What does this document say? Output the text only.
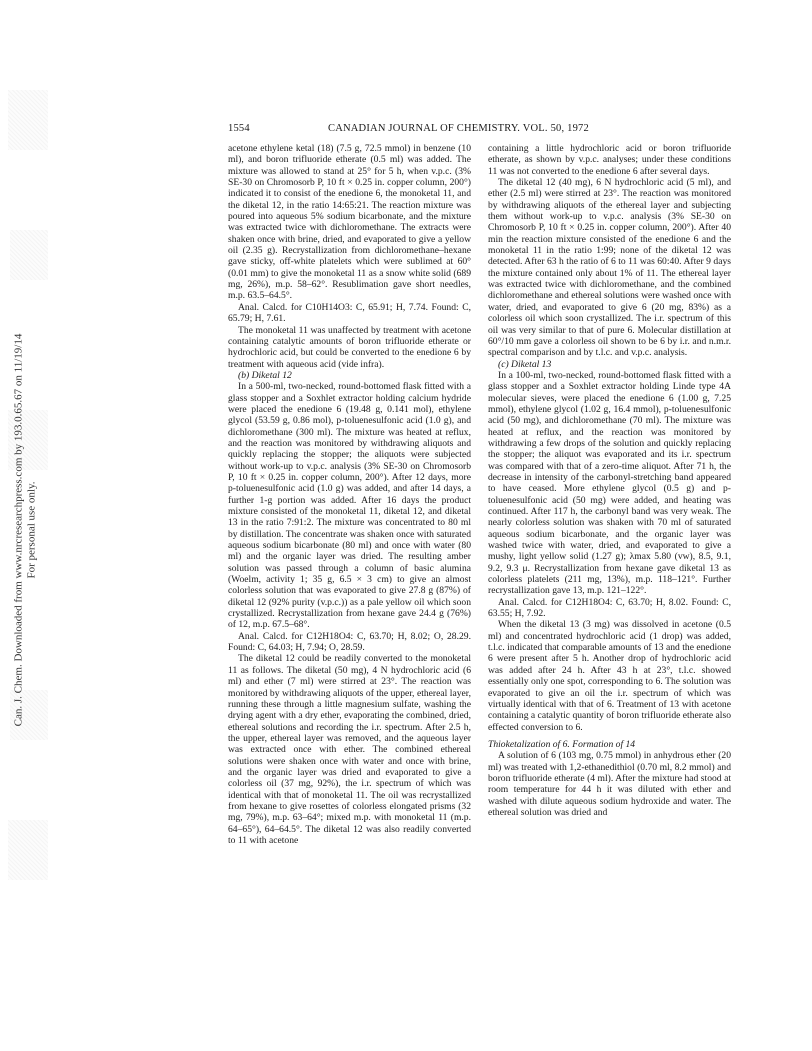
Can. J. Chem. Downloaded from www.nrcresearchpress.com by 193.0.65.67 on 11/19/14 For personal use only.
1554	CANADIAN JOURNAL OF CHEMISTRY. VOL. 50, 1972

acetone ethylene ketal (18) (7.5 g, 72.5 mmol) in benzene (10 ml), and boron trifluoride etherate (0.5 ml) was added. The mixture was allowed to stand at 25° for 5 h, when v.p.c. (3% SE-30 on Chromosorb P, 10 ft × 0.25 in. copper column, 200°) indicated it to consist of the enedione 6, the monoketal 11, and the diketal 12, in the ratio 14:65:21. The reaction mixture was poured into aqueous 5% sodium bicarbonate, and the mixture was extracted twice with dichloromethane. The extracts were shaken once with brine, dried, and evaporated to give a yellow oil (2.35 g). Recrystallization from dichloromethane–hexane gave sticky, off-white platelets which were sublimed at 60° (0.01 mm) to give the monoketal 11 as a snow white solid (689 mg, 26%), m.p. 58–62°. Resublimation gave short needles, m.p. 63.5–64.5°.

Anal. Calcd. for C10H14O3: C, 65.91; H, 7.74. Found: C, 65.79; H, 7.61.

The monoketal 11 was unaffected by treatment with acetone containing catalytic amounts of boron trifluoride etherate or hydrochloric acid, but could be converted to the enedione 6 by treatment with aqueous acid (vide infra).

(b) Diketal 12

In a 500-ml, two-necked, round-bottomed flask fitted with a glass stopper and a Soxhlet extractor holding calcium hydride were placed the enedione 6 (19.48 g, 0.141 mol), ethylene glycol (53.59 g, 0.86 mol), p-toluenesulfonic acid (1.0 g), and dichloromethane (300 ml). The mixture was heated at reflux, and the reaction was monitored by withdrawing aliquots and quickly replacing the stopper; the aliquots were subjected without work-up to v.p.c. analysis (3% SE-30 on Chromosorb P, 10 ft × 0.25 in. copper column, 200°). After 12 days, more p-toluenesulfonic acid (1.0 g) was added, and after 14 days, a further 1-g portion was added. After 16 days the product mixture consisted of the monoketal 11, diketal 12, and diketal 13 in the ratio 7:91:2. The mixture was concentrated to 80 ml by distillation. The concentrate was shaken once with saturated aqueous sodium bicarbonate (80 ml) and once with water (80 ml) and the organic layer was dried. The resulting amber solution was passed through a column of basic alumina (Woelm, activity 1; 35 g, 6.5 × 3 cm) to give an almost colorless solution that was evaporated to give 27.8 g (87%) of diketal 12 (92% purity (v.p.c.)) as a pale yellow oil which soon crystallized. Recrystallization from hexane gave 24.4 g (76%) of 12, m.p. 67.5–68°.

Anal. Calcd. for C12H18O4: C, 63.70; H, 8.02; O, 28.29. Found: C, 64.03; H, 7.94; O, 28.59.

The diketal 12 could be readily converted to the monoketal 11 as follows. The diketal (50 mg), 4 N hydrochloric acid (6 ml) and ether (7 ml) were stirred at 23°. The reaction was monitored by withdrawing aliquots of the upper, ethereal layer, running these through a little magnesium sulfate, washing the drying agent with a dry ether, evaporating the combined, dried, ethereal solutions and recording the i.r. spectrum. After 2.5 h, the upper, ethereal layer was removed, and the aqueous layer was extracted once with ether. The combined ethereal solutions were shaken once with water and once with brine, and the organic layer was dried and evaporated to give a colorless oil (37 mg, 92%), the i.r. spectrum of which was identical with that of monoketal 11. The oil was recrystallized from hexane to give rosettes of colorless elongated prisms (32 mg, 79%), m.p. 63–64°; mixed m.p. with monoketal 11 (m.p. 64–65°), 64–64.5°. The diketal 12 was also readily converted to 11 with acetone

containing a little hydrochloric acid or boron trifluoride etherate, as shown by v.p.c. analyses; under these conditions 11 was not converted to the enedione 6 after several days.

The diketal 12 (40 mg), 6 N hydrochloric acid (5 ml), and ether (2.5 ml) were stirred at 23°. The reaction was monitored by withdrawing aliquots of the ethereal layer and subjecting them without work-up to v.p.c. analysis (3% SE-30 on Chromosorb P, 10 ft × 0.25 in. copper column, 200°). After 40 min the reaction mixture consisted of the enedione 6 and the monoketal 11 in the ratio 1:99; none of the diketal 12 was detected. After 63 h the ratio of 6 to 11 was 60:40. After 9 days the mixture contained only about 1% of 11. The ethereal layer was extracted twice with dichloromethane, and the combined dichloromethane and ethereal solutions were washed once with water, dried, and evaporated to give 6 (20 mg, 83%) as a colorless oil which soon crystallized. The i.r. spectrum of this oil was very similar to that of pure 6. Molecular distillation at 60°/10 mm gave a colorless oil shown to be 6 by i.r. and n.m.r. spectral comparison and by t.l.c. and v.p.c. analysis.

(c) Diketal 13

In a 100-ml, two-necked, round-bottomed flask fitted with a glass stopper and a Soxhlet extractor holding Linde type 4A molecular sieves, were placed the enedione 6 (1.00 g, 7.25 mmol), ethylene glycol (1.02 g, 16.4 mmol), p-toluenesulfonic acid (50 mg), and dichloromethane (70 ml). The mixture was heated at reflux, and the reaction was monitored by withdrawing a few drops of the solution and quickly replacing the stopper; the aliquot was evaporated and its i.r. spectrum was compared with that of a zero-time aliquot. After 71 h, the decrease in intensity of the carbonyl-stretching band appeared to have ceased. More ethylene glycol (0.5 g) and p-toluenesulfonic acid (50 mg) were added, and heating was continued. After 117 h, the carbonyl band was very weak. The nearly colorless solution was shaken with 70 ml of saturated aqueous sodium bicarbonate, and the organic layer was washed twice with water, dried, and evaporated to give a mushy, light yellow solid (1.27 g); λmax 5.80 (vw), 8.5, 9.1, 9.2, 9.3 μ. Recrystallization from hexane gave diketal 13 as colorless platelets (211 mg, 13%), m.p. 118–121°. Further recrystallization gave 13, m.p. 121–122°.

Anal. Calcd. for C12H18O4: C, 63.70; H, 8.02. Found: C, 63.55; H, 7.92.

When the diketal 13 (3 mg) was dissolved in acetone (0.5 ml) and concentrated hydrochloric acid (1 drop) was added, t.l.c. indicated that comparable amounts of 13 and the enedione 6 were present after 5 h. Another drop of hydrochloric acid was added after 24 h. After 43 h at 23°, t.l.c. showed essentially only one spot, corresponding to 6. The solution was evaporated to give an oil the i.r. spectrum of which was virtually identical with that of 6. Treatment of 13 with acetone containing a catalytic quantity of boron trifluoride etherate also effected conversion to 6.

Thioketalization of 6. Formation of 14

A solution of 6 (103 mg, 0.75 mmol) in anhydrous ether (20 ml) was treated with 1,2-ethanedithiol (0.70 ml, 8.2 mmol) and boron trifluoride etherate (4 ml). After the mixture had stood at room temperature for 44 h it was diluted with ether and washed with dilute aqueous sodium hydroxide and water. The ethereal solution was dried and
